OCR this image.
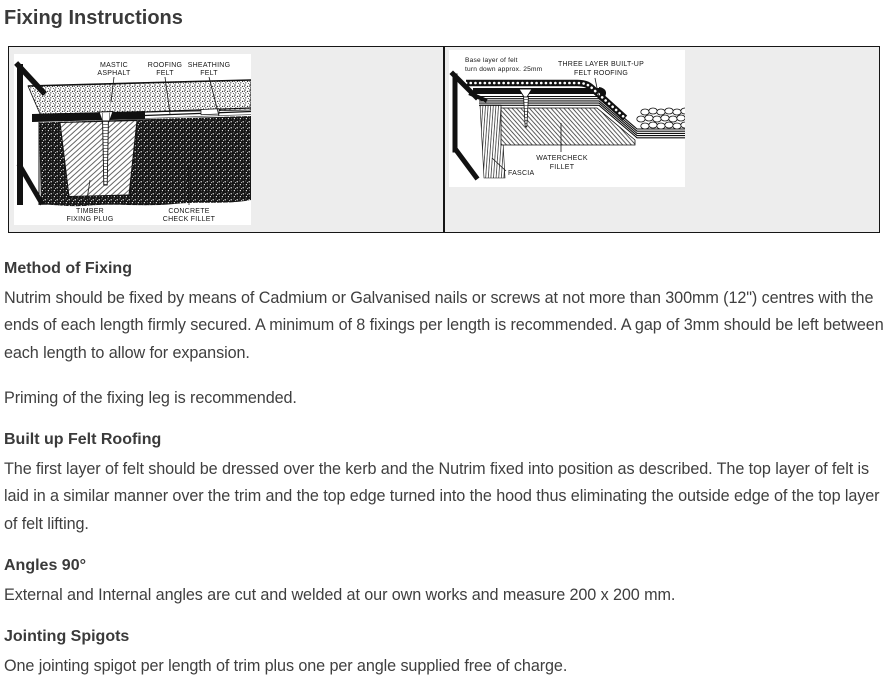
Fixing Instructions
MASTIC
ASPHALT
ROOFING
FELT
SHEATHING
FELT
TIMBER
FIXING PLUG
CONCRETE
CHECK FILLET
Base layer of felt
turn down approx. 25mm
THREE LAYER BUILT-UP
FELT ROOFING
WATERCHECK
FILLET
FASCIA
Method of Fixing

Nutrim should be fixed by means of Cadmium or Galvanised nails or screws at not more than 300mm (12") centres with the ends of each length firmly secured. A minimum of 8 fixings per length is recommended. A gap of 3mm should be left between each length to allow for expansion.

Priming of the fixing leg is recommended.

Built up Felt Roofing

The first layer of felt should be dressed over the kerb and the Nutrim fixed into position as described. The top layer of felt is laid in a similar manner over the trim and the top edge turned into the hood thus eliminating the outside edge of the top layer of felt lifting.

Angles 90°

External and Internal angles are cut and welded at our own works and measure 200 x 200 mm.

Jointing Spigots

One jointing spigot per length of trim plus one per angle supplied free of charge.
